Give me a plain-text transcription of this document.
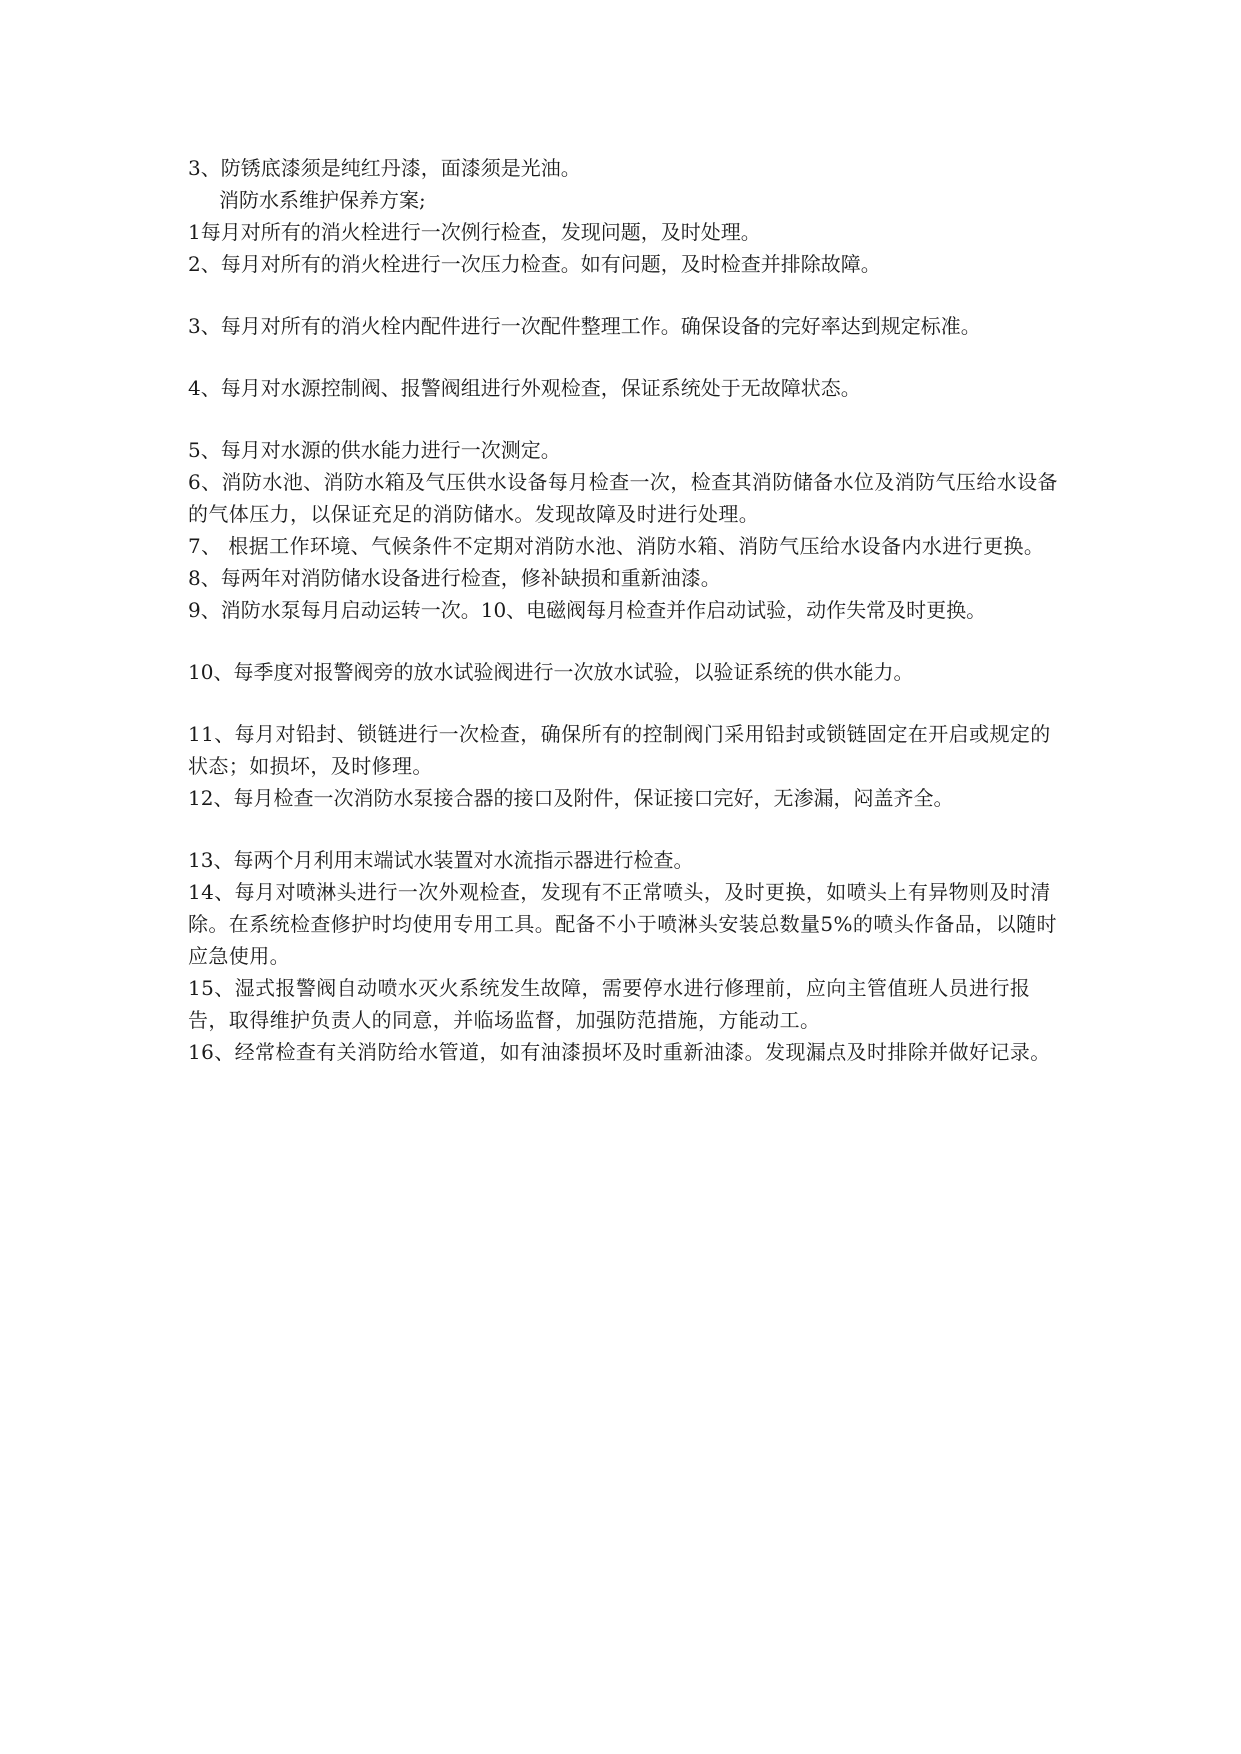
3、防锈底漆须是纯红丹漆，面漆须是光油。

消防水系维护保养方案;

1每月对所有的消火栓进行一次例行检查，发现问题，及时处理。

2、每月对所有的消火栓进行一次压力检查。如有问题，及时检查并排除故障。

3、每月对所有的消火栓内配件进行一次配件整理工作。确保设备的完好率达到规定标准。

4、每月对水源控制阀、报警阀组进行外观检查，保证系统处于无故障状态。

5、每月对水源的供水能力进行一次测定。

6、消防水池、消防水箱及气压供水设备每月检查一次，检查其消防储备水位及消防气压给水设备的气体压力，以保证充足的消防储水。发现故障及时进行处理。

7、 根据工作环境、气候条件不定期对消防水池、消防水箱、消防气压给水设备内水进行更换。

8、每两年对消防储水设备进行检查，修补缺损和重新油漆。

9、消防水泵每月启动运转一次。10、电磁阀每月检查并作启动试验，动作失常及时更换。

10、每季度对报警阀旁的放水试验阀进行一次放水试验，以验证系统的供水能力。

11、每月对铅封、锁链进行一次检查，确保所有的控制阀门采用铅封或锁链固定在开启或规定的状态；如损坏，及时修理。

12、每月检查一次消防水泵接合器的接口及附件，保证接口完好，无渗漏，闷盖齐全。

13、每两个月利用末端试水装置对水流指示器进行检查。

14、每月对喷淋头进行一次外观检查，发现有不正常喷头，及时更换，如喷头上有异物则及时清除。在系统检查修护时均使用专用工具。配备不小于喷淋头安装总数量5%的喷头作备品，以随时应急使用。

15、湿式报警阀自动喷水灭火系统发生故障，需要停水进行修理前，应向主管值班人员进行报告，取得维护负责人的同意，并临场监督，加强防范措施，方能动工。

16、经常检查有关消防给水管道，如有油漆损坏及时重新油漆。发现漏点及时排除并做好记录。
